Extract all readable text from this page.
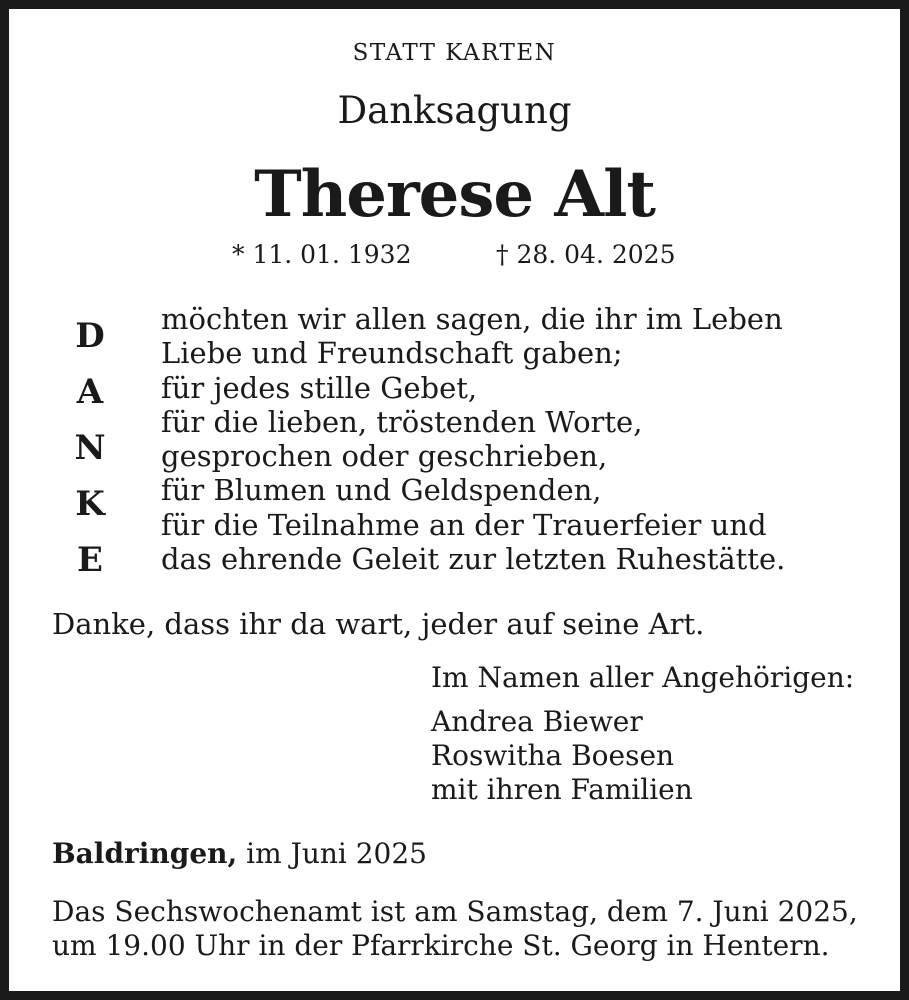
STATT KARTEN
Danksagung
Therese Alt
* 11. 01. 1932	† 28. 04. 2025
D
A
N
K
E
möchten wir allen sagen, die ihr im Leben
Liebe und Freundschaft gaben;
für jedes stille Gebet,
für die lieben, tröstenden Worte,
gesprochen oder geschrieben,
für Blumen und Geldspenden,
für die Teilnahme an der Trauerfeier und
das ehrende Geleit zur letzten Ruhestätte.
Danke, dass ihr da wart, jeder auf seine Art.
Im Namen aller Angehörigen:
Andrea Biewer
Roswitha Boesen
mit ihren Familien
Baldringen, im Juni 2025
Das Sechswochenamt ist am Samstag, dem 7. Juni 2025,
um 19.00 Uhr in der Pfarrkirche St. Georg in Hentern.
